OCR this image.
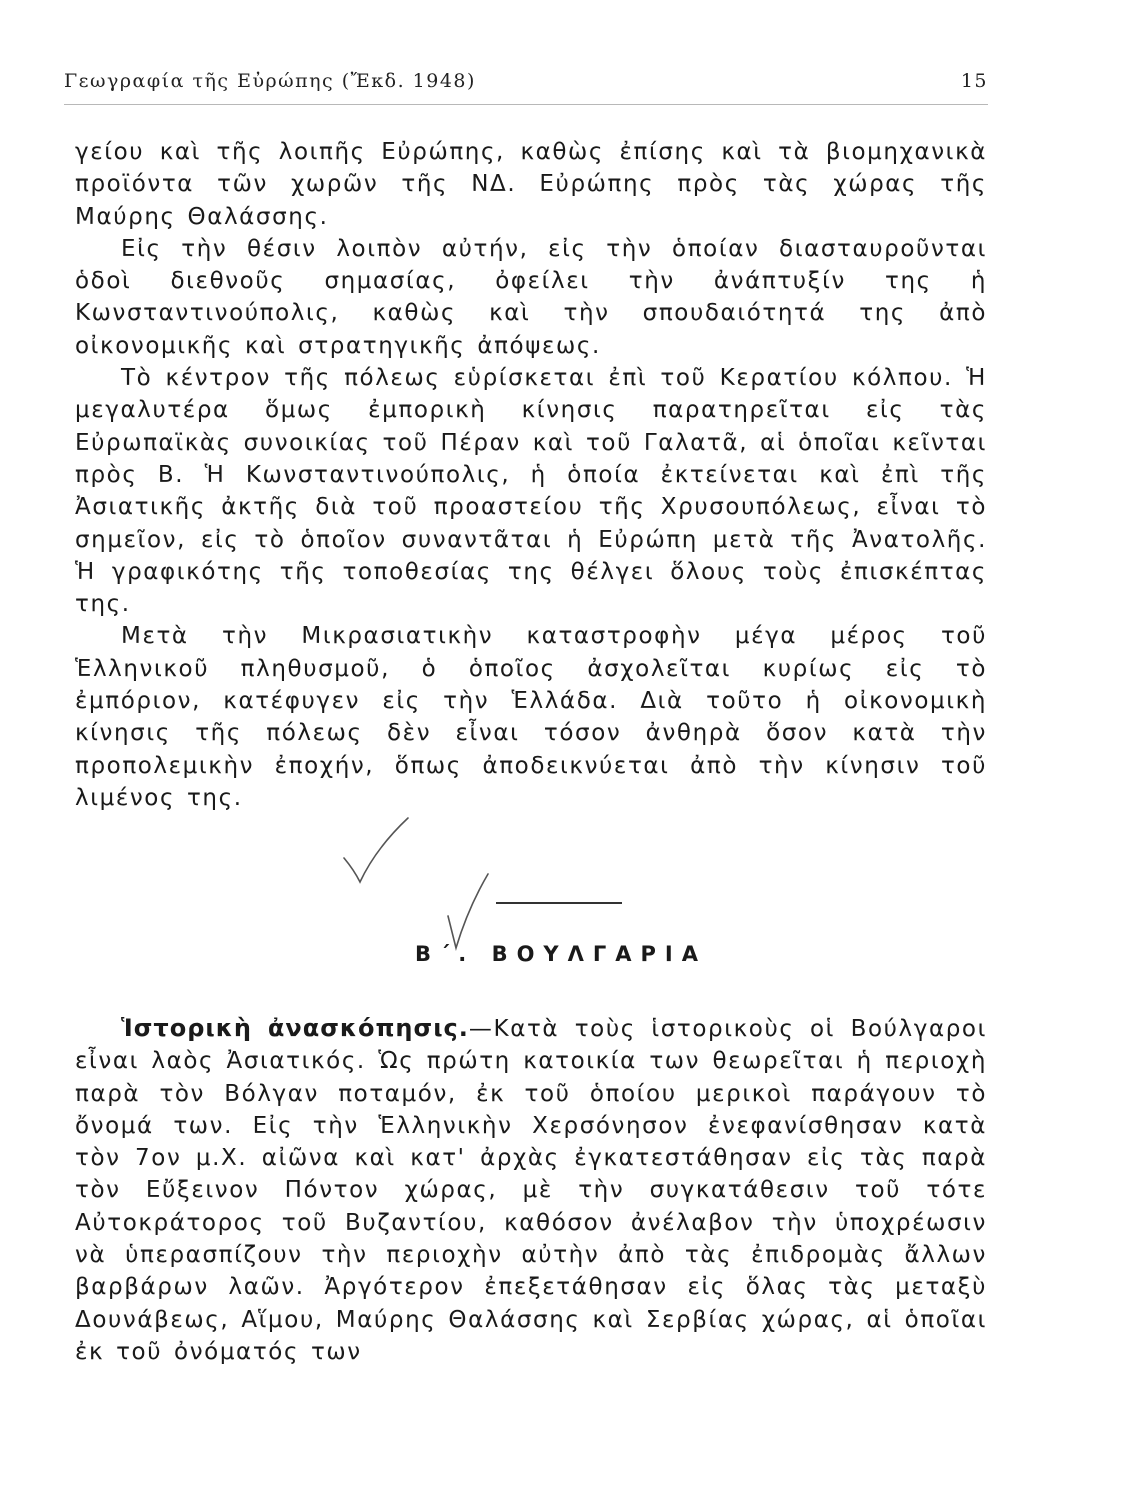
Γεωγραφία τῆς Εὐρώπης (Ἔκδ. 1948)	15

γείου καὶ τῆς λοιπῆς Εὐρώπης, καθὼς ἐπίσης καὶ τὰ βιομηχανικὰ προϊόντα τῶν χωρῶν τῆς ΝΔ. Εὐρώπης πρὸς τὰς χώρας τῆς Μαύρης Θαλάσσης.

Εἰς τὴν θέσιν λοιπὸν αὐτήν, εἰς τὴν ὁποίαν διασταυροῦνται ὁδοὶ διεθνοῦς σημασίας, ὀφείλει τὴν ἀνάπτυξίν της ἡ Κωνσταντινούπολις, καθὼς καὶ τὴν σπουδαιότητά της ἀπὸ οἰκονομικῆς καὶ στρατηγικῆς ἀπόψεως.

Τὸ κέντρον τῆς πόλεως εὑρίσκεται ἐπὶ τοῦ Κερατίου κόλπου. Ἡ μεγαλυτέρα ὅμως ἐμπορικὴ κίνησις παρατηρεῖται εἰς τὰς Εὐρωπαϊκὰς συνοικίας τοῦ Πέραν καὶ τοῦ Γαλατᾶ, αἱ ὁποῖαι κεῖνται πρὸς Β. Ἡ Κωνσταντινούπολις, ἡ ὁποία ἐκτείνεται καὶ ἐπὶ τῆς Ἀσιατικῆς ἀκτῆς διὰ τοῦ προαστείου τῆς Χρυσουπόλεως, εἶναι τὸ σημεῖον, εἰς τὸ ὁποῖον συναντᾶται ἡ Εὐρώπη μετὰ τῆς Ἀνατολῆς. Ἡ γραφικότης τῆς τοποθεσίας της θέλγει ὅλους τοὺς ἐπισκέπτας της.

Μετὰ τὴν Μικρασιατικὴν καταστροφὴν μέγα μέρος τοῦ Ἑλληνικοῦ πληθυσμοῦ, ὁ ὁποῖος ἀσχολεῖται κυρίως εἰς τὸ ἐμπόριον, κατέφυγεν εἰς τὴν Ἑλλάδα. Διὰ τοῦτο ἡ οἰκονομικὴ κίνησις τῆς πόλεως δὲν εἶναι τόσον ἀνθηρὰ ὅσον κατὰ τὴν προπολεμικὴν ἐποχήν, ὅπως ἀποδεικνύεται ἀπὸ τὴν κίνησιν τοῦ λιμένος της.

Β΄. ΒΟΥΛΓΑΡΙΑ

Ἱστορικὴ ἀνασκόπησις.—Κατὰ τοὺς ἱστορικοὺς οἱ Βούλγαροι εἶναι λαὸς Ἀσιατικός. Ὡς πρώτη κατοικία των θεωρεῖται ἡ περιοχὴ παρὰ τὸν Βόλγαν ποταμόν, ἐκ τοῦ ὁποίου μερικοὶ παράγουν τὸ ὄνομά των. Εἰς τὴν Ἑλληνικὴν Χερσόνησον ἐνεφανίσθησαν κατὰ τὸν 7ον μ.Χ. αἰῶνα καὶ κατ' ἀρχὰς ἐγκατεστάθησαν εἰς τὰς παρὰ τὸν Εὔξεινον Πόντον χώρας, μὲ τὴν συγκατάθεσιν τοῦ τότε Αὐτοκράτορος τοῦ Βυζαντίου, καθόσον ἀνέλαβον τὴν ὑποχρέωσιν νὰ ὑπερασπίζουν τὴν περιοχὴν αὐτὴν ἀπὸ τὰς ἐπιδρομὰς ἄλλων βαρβάρων λαῶν. Ἀργότερον ἐπεξετάθησαν εἰς ὅλας τὰς μεταξὺ Δουνάβεως, Αἵμου, Μαύρης Θαλάσσης καὶ Σερβίας χώρας, αἱ ὁποῖαι ἐκ τοῦ ὀνόματός των
